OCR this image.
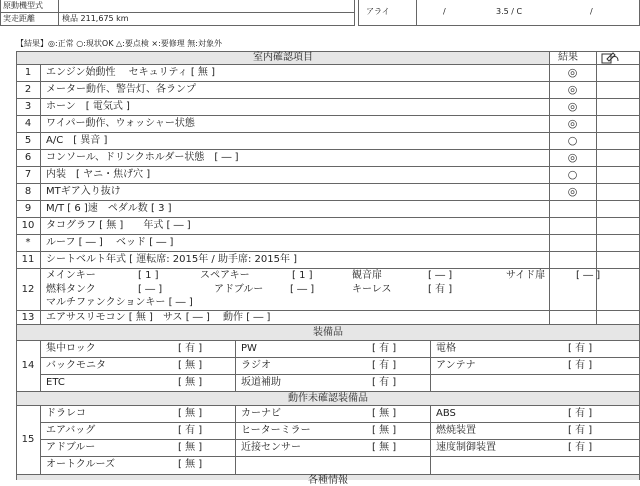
原動機型式
実走距離	検品 211,675 km
アライ	/	3.5 / C	/
【結果】◎:正常 ○:現状OK △:要点検 ×:要修理 無:対象外
室内確認項目	結果
1	エンジン始動性　 セキュリティ [ 無 ]	◎
2	メーター動作、警告灯、各ランプ	◎
3	ホーン　[ 電気式 ]	◎
4	ワイパー動作、ウォッシャー状態	◎
5	A/C　[ 異音 ]	○
6	コンソール、ドリンクホルダー状態　[ ― ]	◎
7	内装　[ ヤニ・焦げ穴 ]	○
8	MTギア入り抜け	◎
9	M/T [ 6 ]速　ペダル数 [ 3 ]
10	タコグラフ [ 無 ]　　年式 [ ― ]
*	ルーフ [ ― ]　 ベッド [ ― ]
11	シートベルト年式 [ 運転席: 2015年 / 助手席: 2015年 ]
12
メインキー	[ 1 ]	スペアキー	[ 1 ]	観音扉	[ ― ]	サイド扉	[ ― ]
燃料タンク	[ ― ]	アドブルー	[ ― ]	キーレス	[ 有 ]
マルチファンクションキー [ ― ]
13	エアサスリモコン [ 無 ]　サス [ ― ]　 動作 [ ― ]
装備品
14
集中ロック	[ 有 ]	PW	[ 有 ]	電格	[ 有 ]
バックモニタ	[ 無 ]	ラジオ	[ 有 ]	アンテナ	[ 有 ]
ETC	[ 無 ]	坂道補助	[ 有 ]
動作未確認装備品
15
ドラレコ	[ 無 ]	カーナビ	[ 無 ]	ABS	[ 有 ]
エアバッグ	[ 有 ]	ヒーターミラー	[ 無 ]	燃焼装置	[ 有 ]
アドブルー	[ 無 ]	近接センサー	[ 無 ]	速度制御装置	[ 有 ]
オートクルーズ	[ 無 ]
各種情報
